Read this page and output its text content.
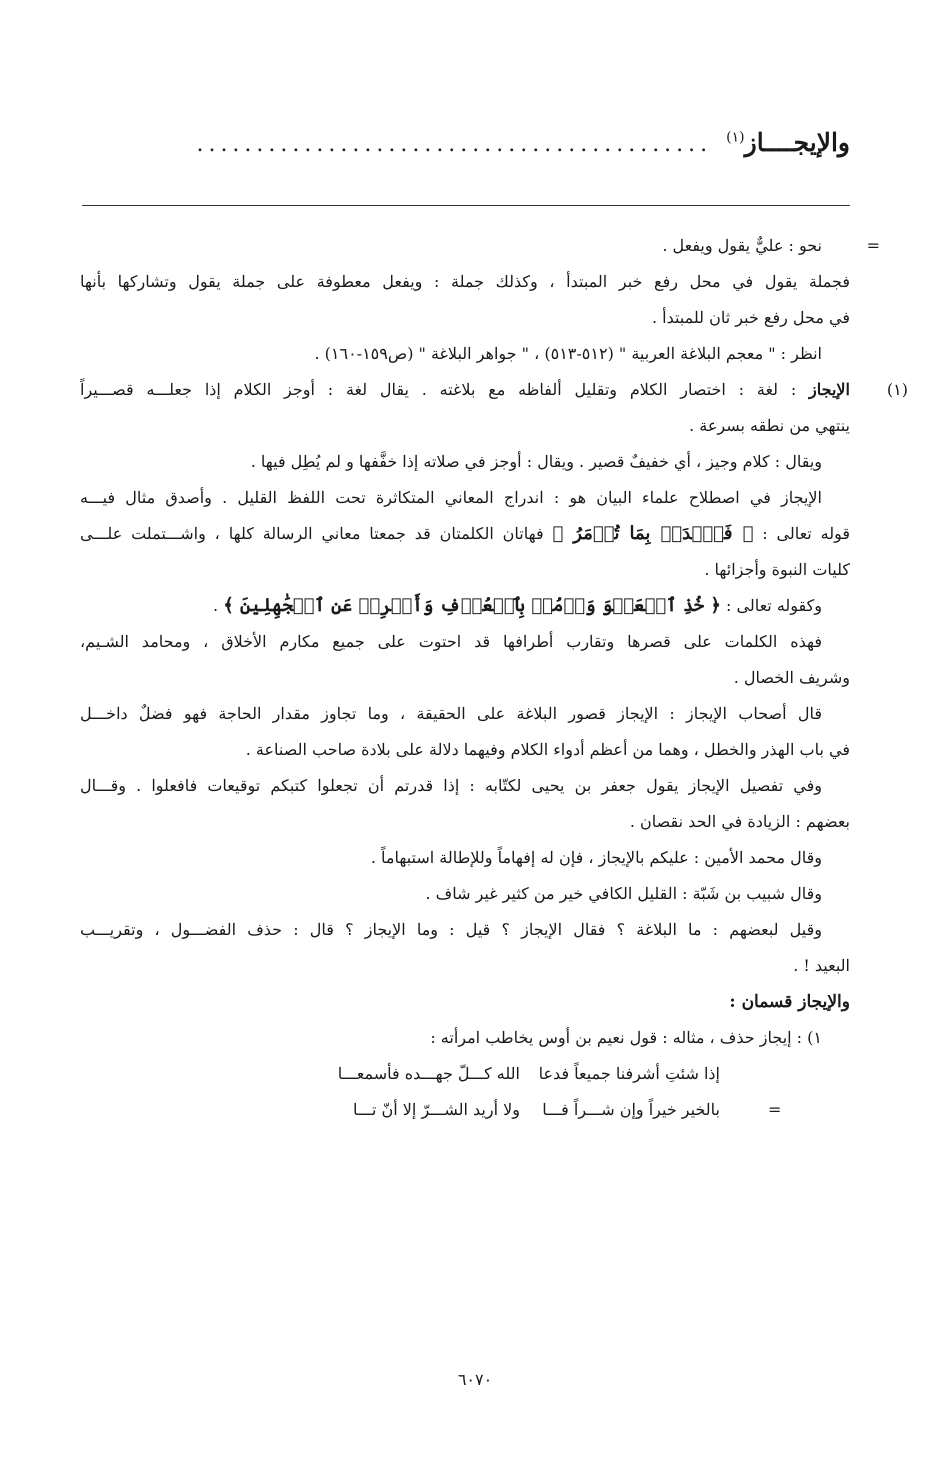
والإيجــــاز$^{(١)}$
...........................................

=
نحو : عليٌّ يقول ويفعل .

فجملة يقول في محل رفع خبر المبتدأ ، وكذلك جملة : ويفعل معطوفة على جملة يقول وتشاركها بأنها

في محل رفع خبر ثان للمبتدأ .

انظر : " معجم البلاغة العربية " (٥١٢-٥١٣) ، " جواهر البلاغة " (ص١٥٩-١٦٠) .

(١)
الإيجاز : لغة : اختصار الكلام وتقليل ألفاظه مع بلاغته . يقال لغة : أوجز الكلام إذا جعلـــه قصـــيراً

ينتهي من نطقه بسرعة .

ويقال : كلام وجيز ، أي خفيفٌ قصير . ويقال : أوجز في صلاته إذا خفَّفها و لم يُطِل فيها .

الإيجاز في اصطلاح علماء البيان هو : اندراج المعاني المتكاثرة تحت اللفظ القليل . وأصدق مثال فيـــه

قوله تعالى : ﴿ فَٱصۡدَعۡ بِمَا تُؤۡمَرُ ﴾ فهاتان الكلمتان قد جمعتا معاني الرسالة كلها ، واشـــتملت علـــى

كليات النبوة وأجزائها .

وكقوله تعالى : ﴿ خُذِ ٱلۡعَفۡوَ وَأۡمُرۡ بِٱلۡعُرۡفِ وَأَعۡرِضۡ عَنِ ٱلۡجَٰهِلِينَ ﴾ .

فهذه الكلمات على قصرها وتقارب أطرافها قد احتوت على جميع مكارم الأخلاق ، ومحامد الشـيم،

وشريف الخصال .

قال أصحاب الإيجاز : الإيجاز قصور البلاغة على الحقيقة ، وما تجاوز مقدار الحاجة فهو فضلٌ داخـــل

في باب الهذر والخطل ، وهما من أعظم أدواء الكلام وفيهما دلالة على بلادة صاحب الصناعة .

وفي تفصيل الإيجاز يقول جعفر بن يحيى لكتّابه : إذا قدرتم أن تجعلوا كتبكم توقيعات فافعلوا . وقـــال

بعضهم : الزيادة في الحد نقصان .

وقال محمد الأمين : عليكم بالإيجاز ، فإن له إفهاماً وللإطالة استبهاماً .

وقال شبيب بن شَبّة : القليل الكافي خير من كثير غير شاف .

وقيل لبعضهم : ما البلاغة ؟ فقال الإيجاز ؟ قيل : وما الإيجاز ؟ قال : حذف الفضـــول ، وتقريـــب

البعيد ! .

والإيجاز قسمان :

١) : إيجاز حذف ، مثاله : قول نعيم بن أوس يخاطب امرأته :

إذا شئتِ أشرفنا جميعاً فدعا
الله كـــلّ جهـــده فأسمعـــا
بالخير خيراً وإن شـــراً فـــا
ولا أريد الشـــرّ إلا أنّ تـــا	=
٦٠٧٠
